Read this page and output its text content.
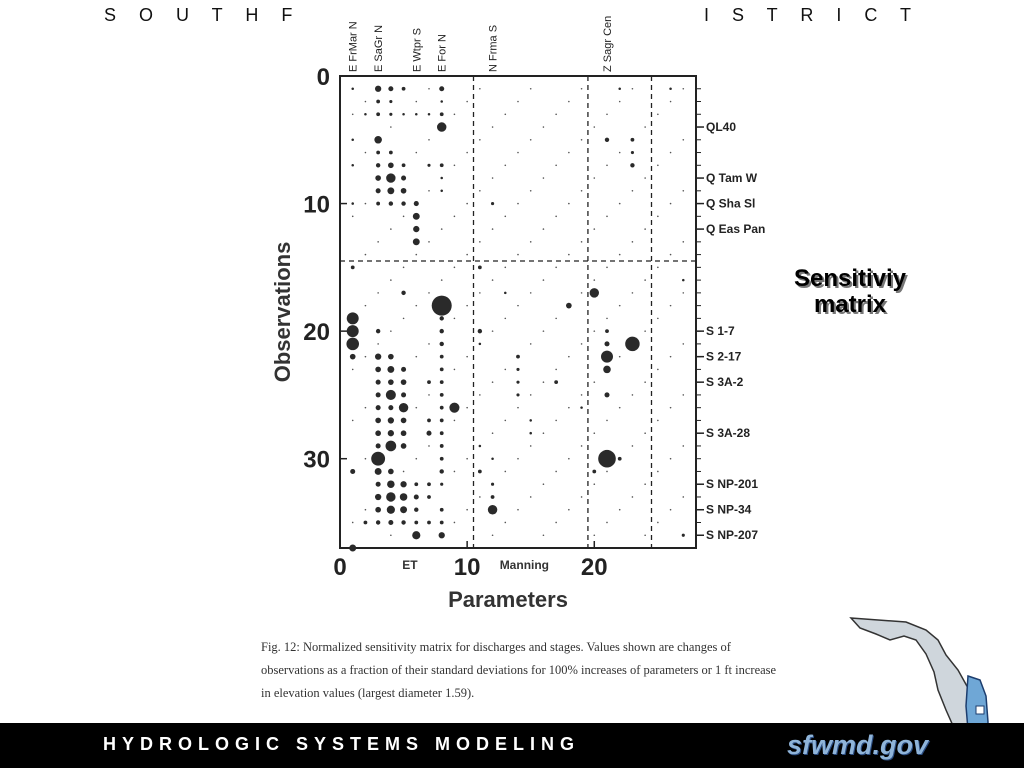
S O U T H F	I S T R I C T
0	10	20
0
10
20
30
Parameters
Observations
E FrMar N E SaGr N E Wtpr S E For N	N Frma S	Z Sagr Cen
ET	Manning
QL40
Q Tam W
Q Sha Sl
Q Eas Pan
S 1-7
S 2-17
S 3A-2
S 3A-28
S NP-201
S NP-34
S NP-207
Sensitiviy
matrix
Fig. 12: Normalized sensitivity matrix for discharges and stages. Values shown are changes of observations as a fraction of their standard deviations for 100% increases of parameters or 1 ft increase in elevation values (largest diameter 1.59).
HYDROLOGIC SYSTEMS MODELING	sfwmd.gov
